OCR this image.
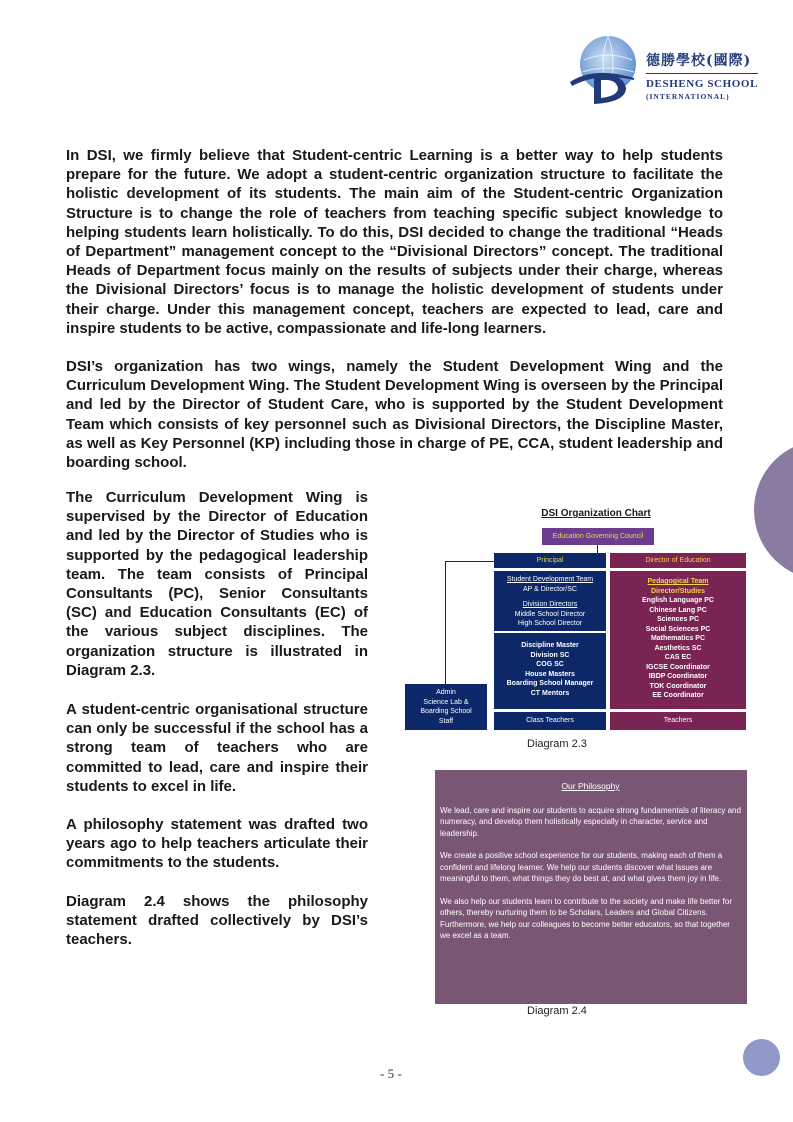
德勝學校(國際)
DESHENG SCHOOL
(INTERNATIONAL)

In DSI, we firmly believe that Student-centric Learning is a better way to help students prepare for the future. We adopt a student-centric organization structure to facilitate the holistic development of its students. The main aim of the Student-centric Organization Structure is to change the role of teachers from teaching specific subject knowledge to helping students learn holistically. To do this, DSI decided to change the traditional “Heads of Department” management concept to the “Divisional Directors” concept. The traditional Heads of Department focus mainly on the results of subjects under their charge, whereas the Divisional Directors’ focus is to manage the holistic development of students under their charge. Under this management concept, teachers are expected to lead, care and inspire students to be active, compassionate and life-long learners.

DSI’s organization has two wings, namely the Student Development Wing and the Curriculum Development Wing. The Student Development Wing is overseen by the Principal and led by the Director of Student Care, who is supported by the Student Development Team which consists of key personnel such as Divisional Directors, the Discipline Master, as well as Key Personnel (KP) including those in charge of PE, CCA, student leadership and boarding school.

The Curriculum Development Wing is supervised by the Director of Education and led by the Director of Studies who is supported by the pedagogical leadership team. The team consists of Principal Consultants (PC), Senior Consultants (SC) and Education Consultants (EC) of the various subject disciplines. The organization structure is illustrated in Diagram 2.3.

A student-centric organisational structure can only be successful if the school has a strong team of teachers who are committed to lead, care and inspire their students to excel in life.

A philosophy statement was drafted two years ago to help teachers articulate their commitments to the students.

Diagram 2.4 shows the philosophy statement drafted collectively by DSI’s teachers.

DSI Organization Chart
Education Governing Council
Principal	Director of Education
Student Development Team
AP & Director/SC
Division Directors
Middle School Director
High School Director
Discipline Master
Division SC
COG SC
House Masters
Boarding School Manager
CT Mentors
Class Teachers
Pedagogical Team
Director/Studies
English Language PC
Chinese Lang PC
Sciences PC
Social Sciences PC
Mathematics PC
Aesthetics SC
CAS EC
IGCSE Coordinator
IBDP Coordinator
TOK Coordinator
EE Coordinator
Teachers
Admin
Science Lab &
Boarding School
Staff
Diagram 2.3
Our Philosophy

We lead, care and inspire our students to acquire strong fundamentals of literacy and numeracy, and develop them holistically especially in character, service and leadership.

We create a positive school experience for our students, making each of them a confident and lifelong learner. We help our students discover what issues are meaningful to them, what things they do best at, and what gives them joy in life.

We also help our students learn to contribute to the society and make life better for others, thereby nurturing them to be Scholars, Leaders and Global Citizens. Furthermore, we help our colleagues to become better educators, so that together we excel as a team.

Diagram 2.4
- 5 -
